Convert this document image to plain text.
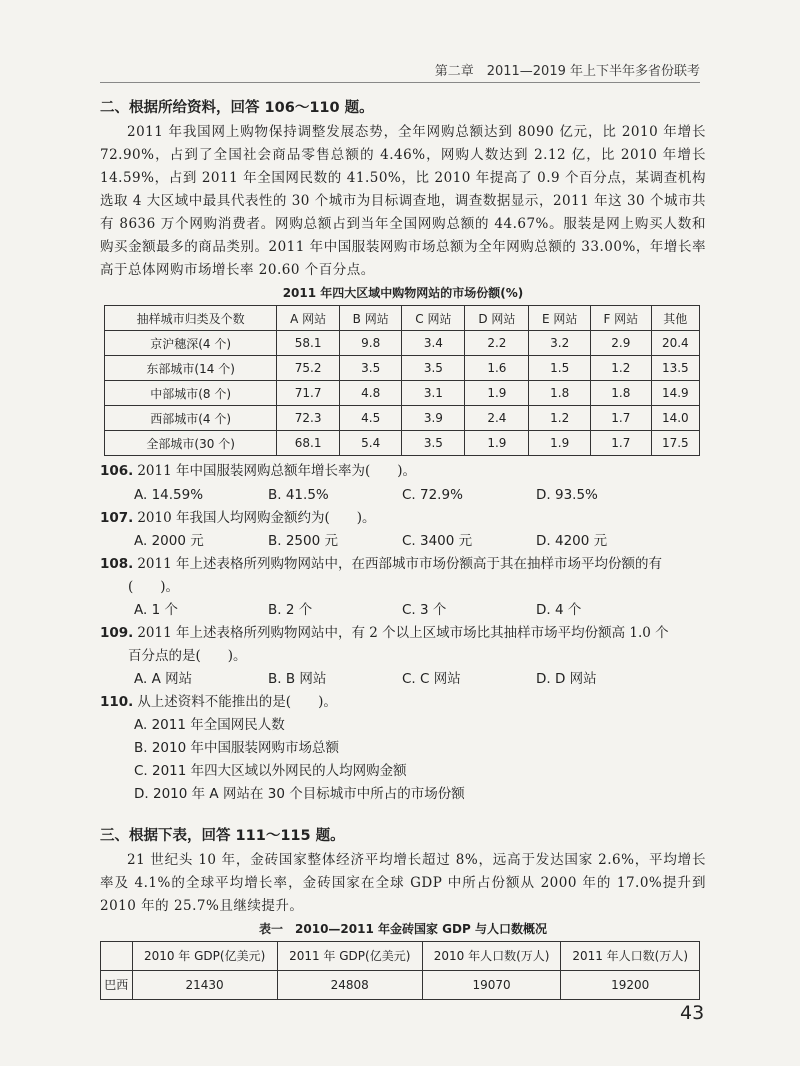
第二章　2011—2019 年上下半年多省份联考

二、根据所给资料，回答 106～110 题。

2011 年我国网上购物保持调整发展态势，全年网购总额达到 8090 亿元，比 2010 年增长 72.90%，占到了全国社会商品零售总额的 4.46%，网购人数达到 2.12 亿，比 2010 年增长 14.59%，占到 2011 年全国网民数的 41.50%，比 2010 年提高了 0.9 个百分点，某调查机构选取 4 大区域中最具代表性的 30 个城市为目标调查地，调查数据显示，2011 年这 30 个城市共有 8636 万个网购消费者。网购总额占到当年全国网购总额的 44.67%。服装是网上购买人数和购买金额最多的商品类别。2011 年中国服装网购市场总额为全年网购总额的 33.00%，年增长率高于总体网购市场增长率 20.60 个百分点。

2011 年四大区域中购物网站的市场份额(%)

抽样城市归类及个数	A 网站	B 网站	C 网站	D 网站	E 网站	F 网站	其他
京沪穗深(4 个)	58.1	9.8	3.4	2.2	3.2	2.9	20.4
东部城市(14 个)	75.2	3.5	3.5	1.6	1.5	1.2	13.5
中部城市(8 个)	71.7	4.8	3.1	1.9	1.8	1.8	14.9
西部城市(4 个)	72.3	4.5	3.9	2.4	1.2	1.7	14.0
全部城市(30 个)	68.1	5.4	3.5	1.9	1.9	1.7	17.5

106. 2011 年中国服装网购总额年增长率为(　　)。

A. 14.59%	B. 41.5%	C. 72.9%	D. 93.5%

107. 2010 年我国人均网购金额约为(　　)。

A. 2000 元	B. 2500 元	C. 3400 元	D. 4200 元

108. 2011 年上述表格所列购物网站中，在西部城市市场份额高于其在抽样市场平均份额的有

(　　)。

A. 1 个	B. 2 个	C. 3 个	D. 4 个

109. 2011 年上述表格所列购物网站中，有 2 个以上区域市场比其抽样市场平均份额高 1.0 个

百分点的是(　　)。

A. A 网站	B. B 网站	C. C 网站	D. D 网站

110. 从上述资料不能推出的是(　　)。

A. 2011 年全国网民人数

B. 2010 年中国服装网购市场总额

C. 2011 年四大区域以外网民的人均网购金额

D. 2010 年 A 网站在 30 个目标城市中所占的市场份额

三、根据下表，回答 111～115 题。

21 世纪头 10 年，金砖国家整体经济平均增长超过 8%，远高于发达国家 2.6%，平均增长率及 4.1%的全球平均增长率，金砖国家在全球 GDP 中所占份额从 2000 年的 17.0%提升到 2010 年的 25.7%且继续提升。

表一　2010—2011 年金砖国家 GDP 与人口数概况

	2010 年 GDP(亿美元)	2011 年 GDP(亿美元)	2010 年人口数(万人)	2011 年人口数(万人)
巴西	21430	24808	19070	19200
43
